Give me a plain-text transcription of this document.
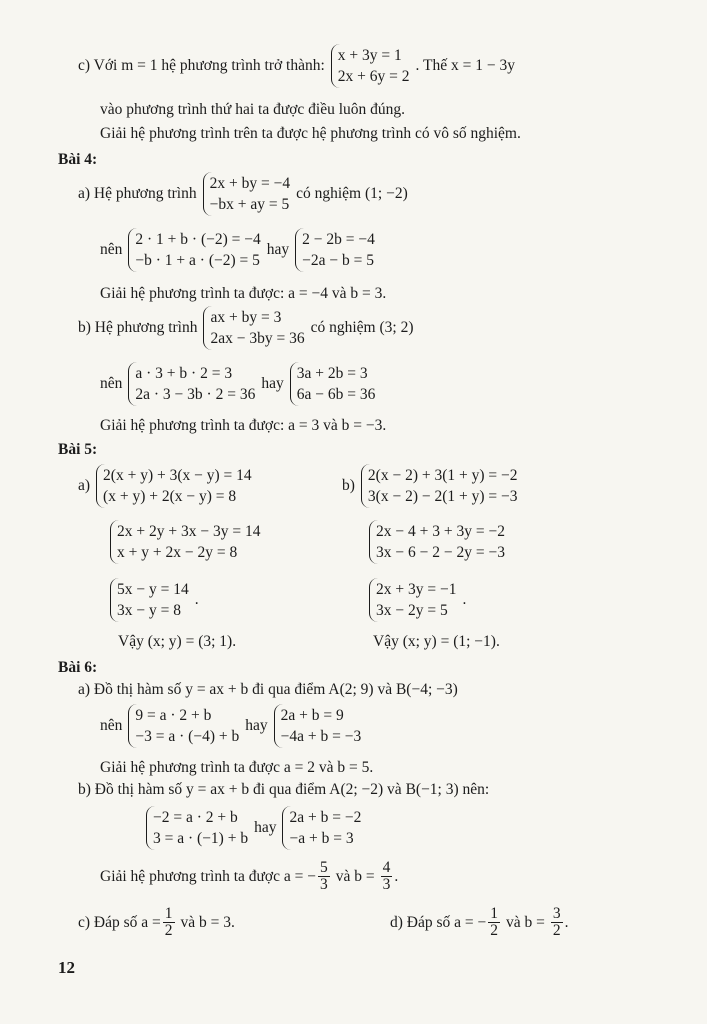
c) Với m = 1 hệ phương trình trở thành:
x + 3y = 1
2x + 6y = 2
. Thế x = 1 − 3y
vào phương trình thứ hai ta được điều luôn đúng.
Giải hệ phương trình trên ta được hệ phương trình có vô số nghiệm.
Bài 4:
a) Hệ phương trình
2x + by = −4
−bx + ay = 5
có nghiệm (1; −2)
nên
2 · 1 + b · (−2) = −4
−b · 1 + a · (−2) = 5
hay
2 − 2b = −4
−2a − b = 5
Giải hệ phương trình ta được: a = −4 và b = 3.
b) Hệ phương trình
ax + by = 3
2ax − 3by = 36
có nghiệm (3; 2)
nên
a · 3 + b · 2 = 3
2a · 3 − 3b · 2 = 36
hay
3a + 2b = 3
6a − 6b = 36
Giải hệ phương trình ta được: a = 3 và b = −3.
Bài 5:
a)
2(x + y) + 3(x − y) = 14
(x + y) + 2(x − y) = 8
2x + 2y + 3x − 3y = 14
x + y + 2x − 2y = 8
5x − y = 14
3x − y = 8
.
Vậy (x; y) = (3; 1).
b)
2(x − 2) + 3(1 + y) = −2
3(x − 2) − 2(1 + y) = −3
2x − 4 + 3 + 3y = −2
3x − 6 − 2 − 2y = −3
2x + 3y = −1
3x − 2y = 5
.
Vậy (x; y) = (1; −1).
Bài 6:
a) Đồ thị hàm số y = ax + b đi qua điểm A(2; 9) và B(−4; −3)
nên
9 = a · 2 + b
−3 = a · (−4) + b
hay
2a + b = 9
−4a + b = −3
Giải hệ phương trình ta được a = 2 và b = 5.
b) Đồ thị hàm số y = ax + b đi qua điểm A(2; −2) và B(−1; 3) nên:
−2 = a · 2 + b
3 = a · (−1) + b
hay
2a + b = −2
−a + b = 3
Giải hệ phương trình ta được a = − $\frac{5}{3}$ và $b = \frac{4}{3}$ .
c) Đáp số $a = \frac{1}{2}$ và b = 3.	d) Đáp số a = − $\frac{1}{2}$ và $b = \frac{3}{2}$ .
12
